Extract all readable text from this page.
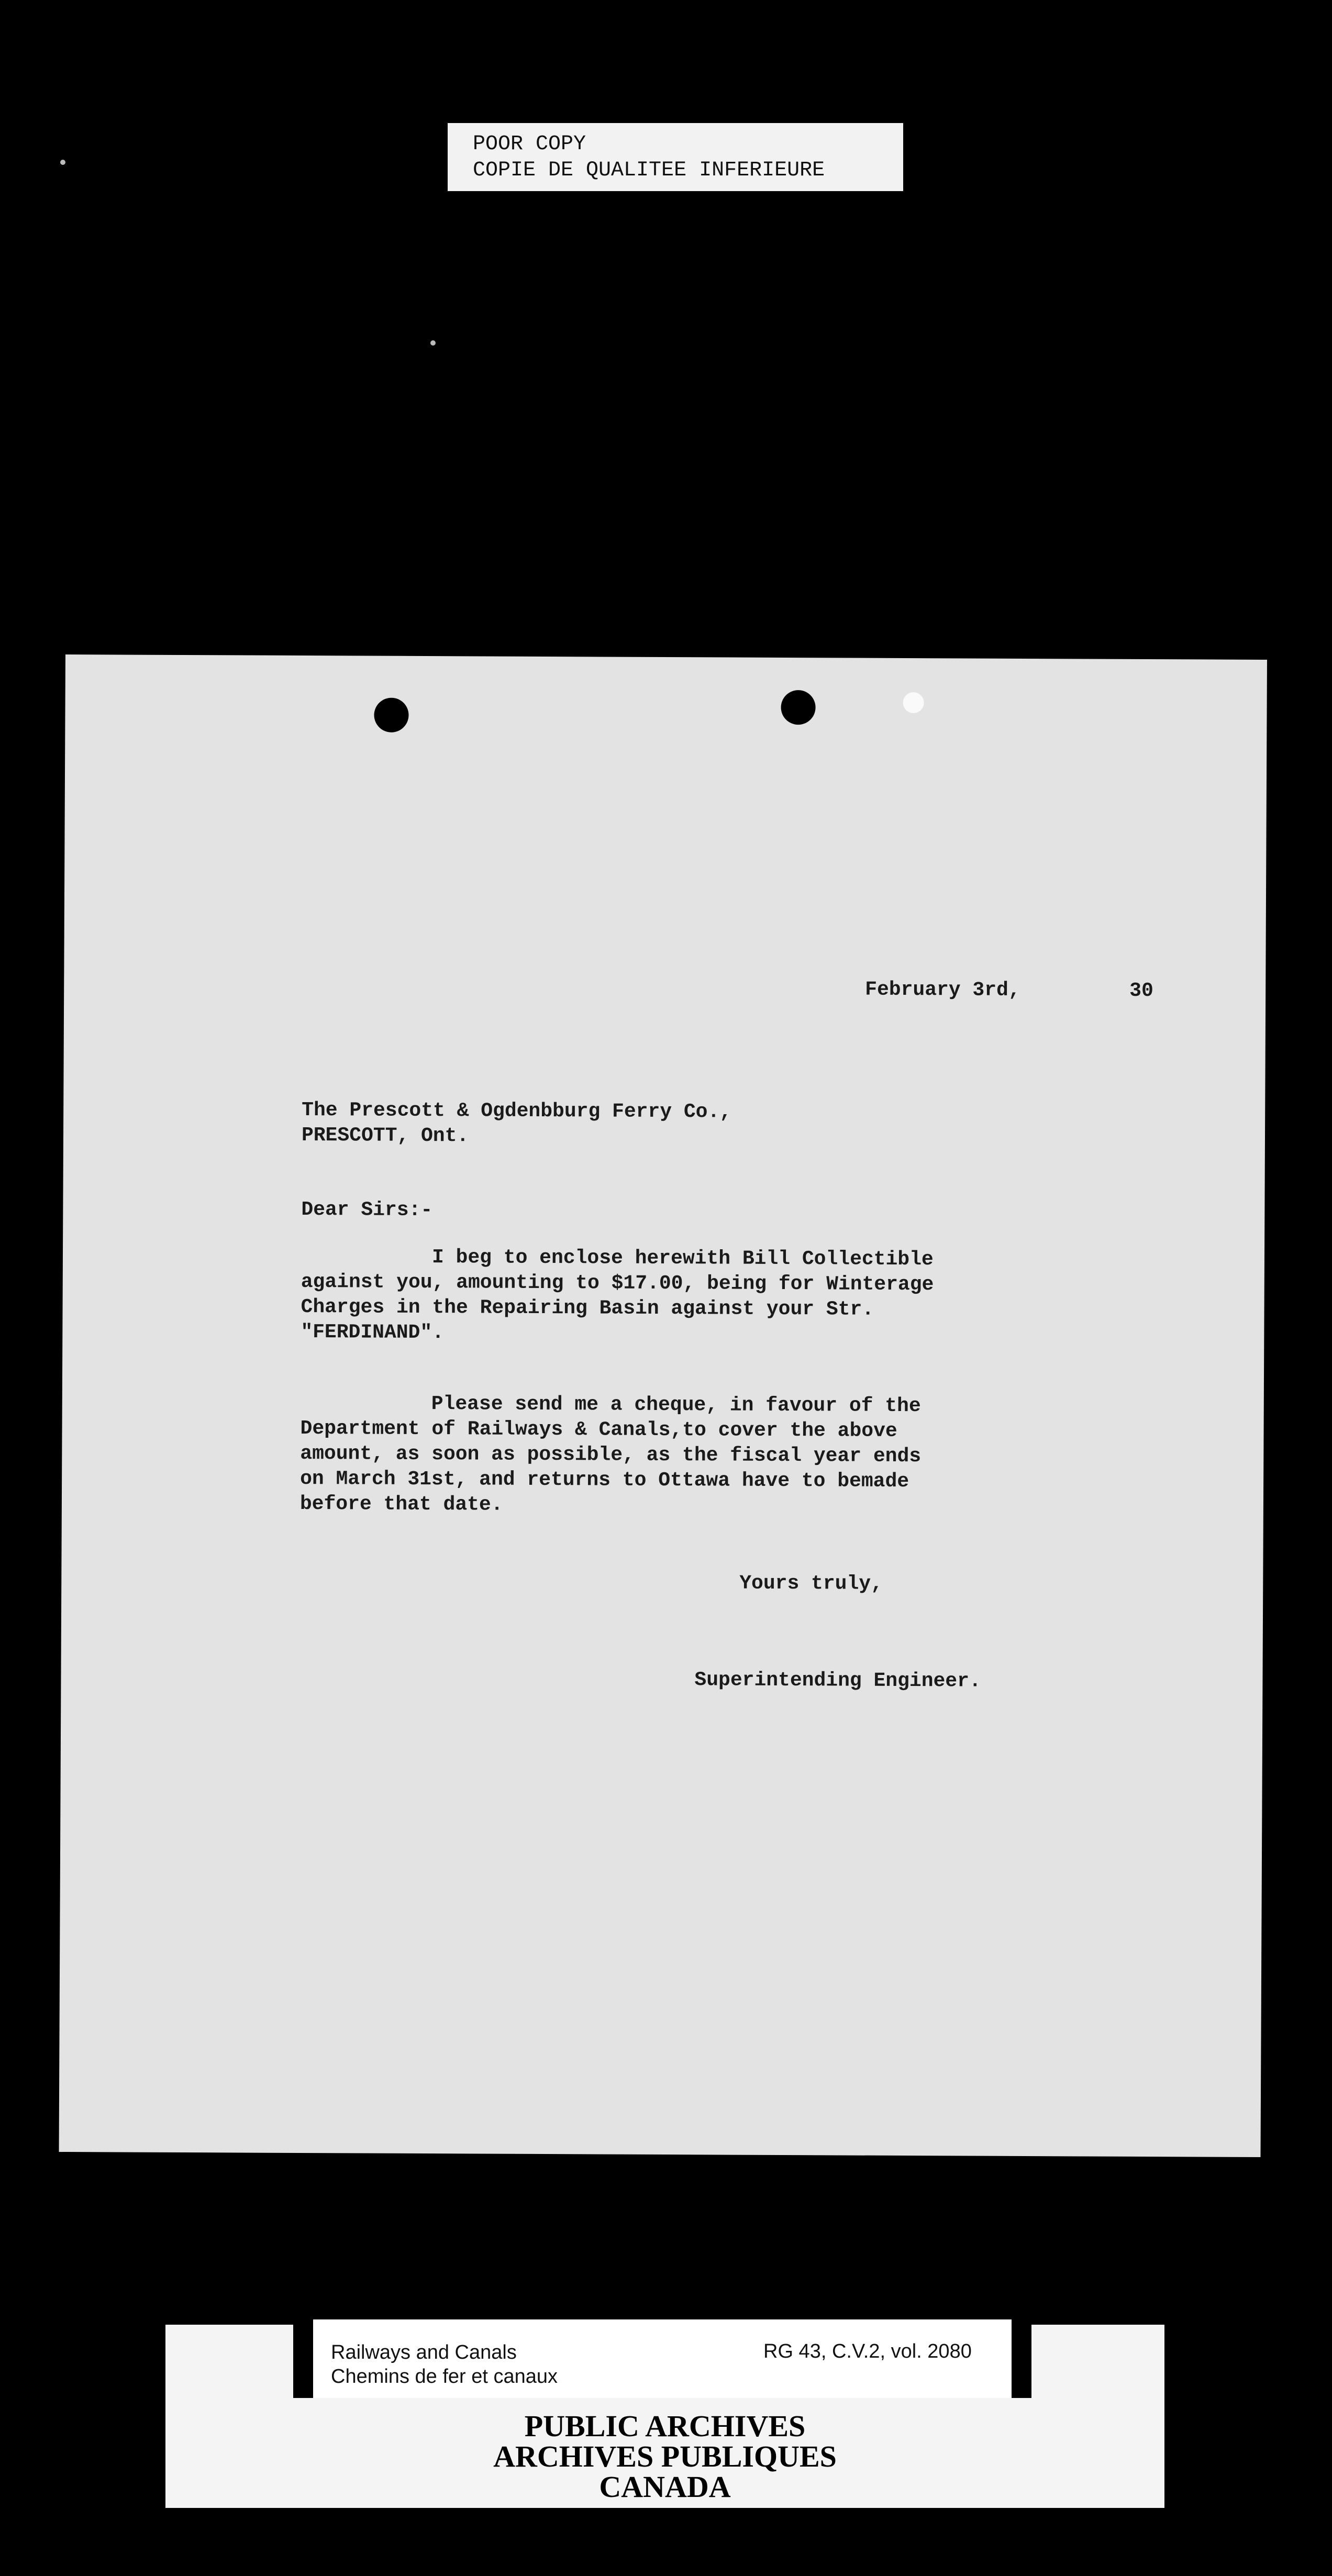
POOR COPY
COPIE DE QUALITEE INFERIEURE
February 3rd,	30
The Prescott & Ogdenbburg Ferry Co.,
PRESCOTT, Ont.
Dear Sirs:-
I beg to enclose herewith Bill Collectible
against you, amounting to $17.00, being for Winterage
Charges in the Repairing Basin against your Str.
"FERDINAND".
Please send me a cheque, in favour of the
Department of Railways & Canals,to cover the above
amount, as soon as possible, as the fiscal year ends
on March 31st, and returns to Ottawa have to bemade
before that date.
Yours truly,
Superintending Engineer.
Railways and Canals
Chemins de fer et canaux
RG 43, C.V.2, vol. 2080
PUBLIC ARCHIVES
ARCHIVES PUBLIQUES
CANADA
